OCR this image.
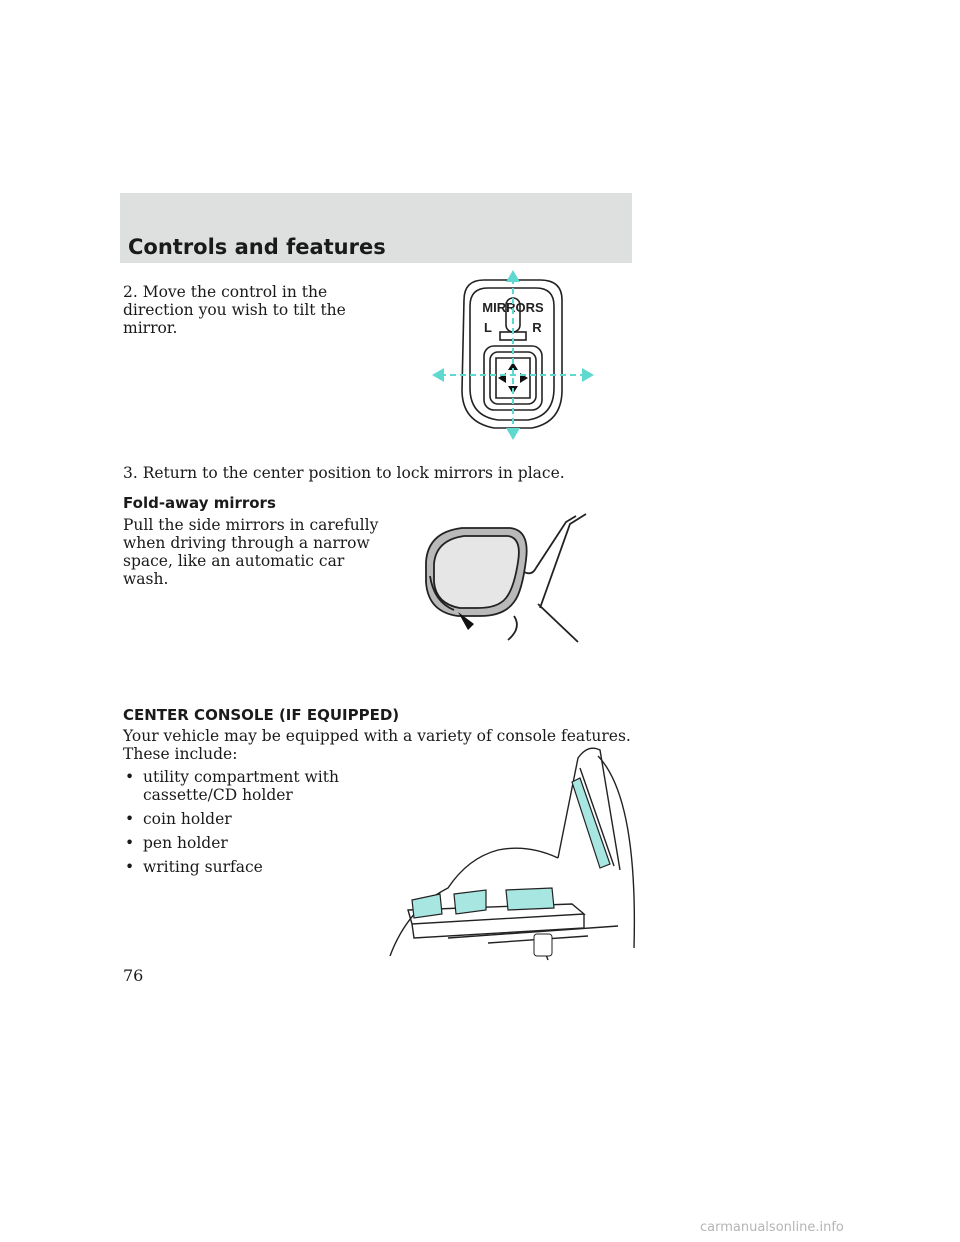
Controls and features
2. Move the control in the direction you wish to tilt the mirror.
MIRRORS
L	R
3. Return to the center position to lock mirrors in place.
Fold-away mirrors
Pull the side mirrors in carefully when driving through a narrow space, like an automatic car wash.
CENTER CONSOLE (IF EQUIPPED)
Your vehicle may be equipped with a variety of console features. These include:
• utility compartment with cassette/CD holder
• coin holder
• pen holder
• writing surface
76
carmanualsonline.info
